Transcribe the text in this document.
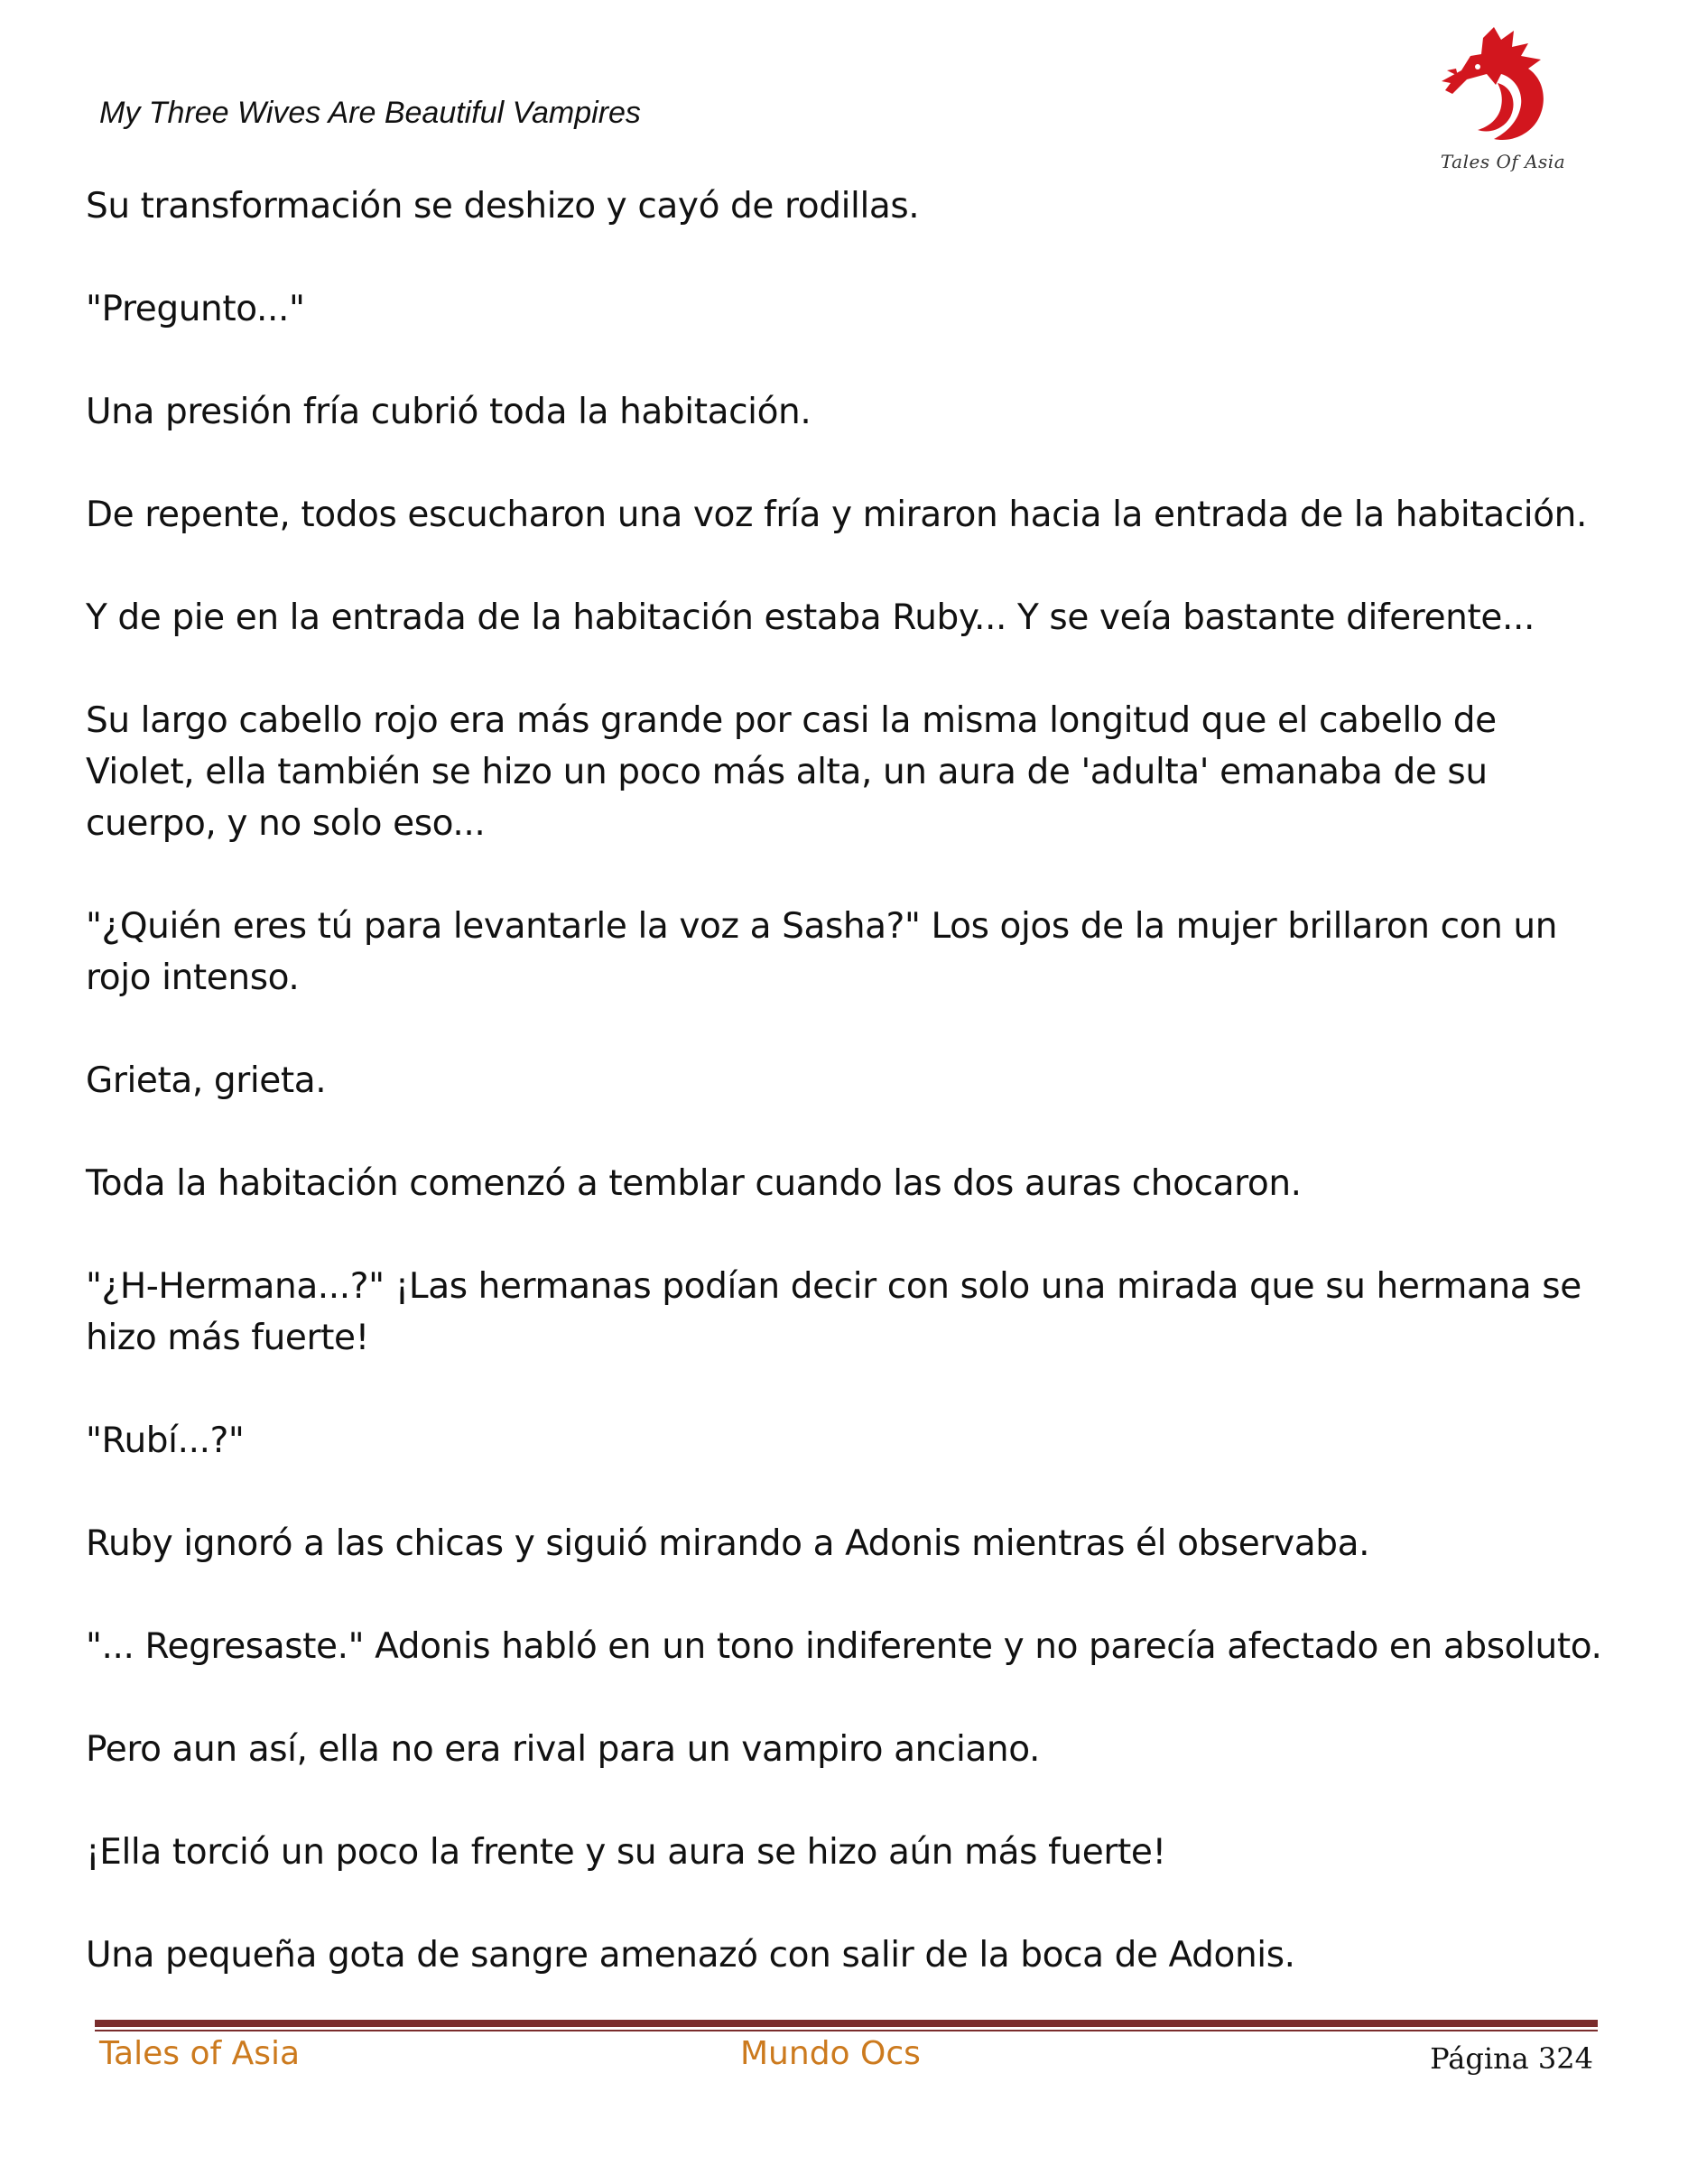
My Three Wives Are Beautiful Vampires
Tales Of Asia

Su transformación se deshizo y cayó de rodillas.

"Pregunto..."

Una presión fría cubrió toda la habitación.

De repente, todos escucharon una voz fría y miraron hacia la entrada de la habitación.

Y de pie en la entrada de la habitación estaba Ruby... Y se veía bastante diferente...

Su largo cabello rojo era más grande por casi la misma longitud que el cabello de Violet, ella también se hizo un poco más alta, un aura de 'adulta' emanaba de su cuerpo, y no solo eso...

"¿Quién eres tú para levantarle la voz a Sasha?" Los ojos de la mujer brillaron con un rojo intenso.

Grieta, grieta.

Toda la habitación comenzó a temblar cuando las dos auras chocaron.

"¿H-Hermana...?" ¡Las hermanas podían decir con solo una mirada que su hermana se hizo más fuerte!

"Rubí...?"

Ruby ignoró a las chicas y siguió mirando a Adonis mientras él observaba.

"... Regresaste." Adonis habló en un tono indiferente y no parecía afectado en absoluto.

Pero aun así, ella no era rival para un vampiro anciano.

¡Ella torció un poco la frente y su aura se hizo aún más fuerte!

Una pequeña gota de sangre amenazó con salir de la boca de Adonis.

Tales of Asia	Mundo Ocs	Página 324
